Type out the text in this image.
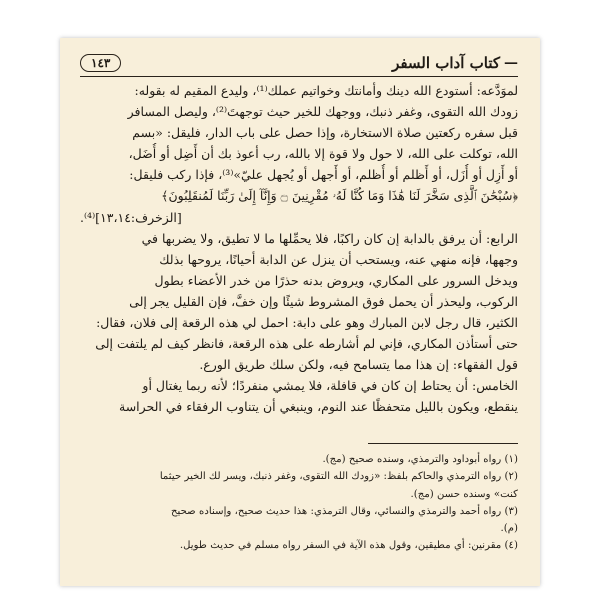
—
كتاب آداب السفر
١٤٣
لموَدَّعه: أستودع الله دينك وأمانتك وخواتيم عملك⁽¹⁾، وليدع المقيم له بقوله:
زودك الله التقوى، وغفر ذنبك، ووجهك للخير حيث توجهتَ⁽²⁾، وليصل المسافر
قبل سفره ركعتين صلاة الاستخارة، وإذا حصل على باب الدار، فليقل: «بسم
الله، توكلت على الله، لا حول ولا قوة إلا بالله، رب أعوذ بك أن أَضِل أو أُضَل،
أو أَزِل أو أُزَل، أو أَظلم أو أُظلم، أو أَجهل أو يُجهل عليّ»⁽³⁾، فإذا ركب فليقل:
﴿سُبْحَٰنَ ٱلَّذِى سَخَّرَ لَنَا هَٰذَا وَمَا كُنَّا لَهُۥ مُقْرِنِينَ ۝ وَإِنَّآ إِلَىٰ رَبِّنَا لَمُنقَلِبُونَ﴾
[الزخرف:١٣،١٤]⁽⁴⁾.
الرابع: أن يرفق بالدابة إن كان راكبًا، فلا يحمِّلها ما لا تطيق، ولا يضربها في
وجهها، فإنه منهي عنه، ويستحب أن ينزل عن الدابة أحيانًا، يروحها بذلك
ويدخل السرور على المكاري، ويروض بدنه حذرًا من خدر الأعضاء بطول
الركوب، وليحذر أن يحمل فوق المشروط شيئًا وإن خفَّ، فإن القليل يجر إلى
الكثير، قال رجل لابن المبارك وهو على دابة: احمل لي هذه الرقعة إلى فلان، فقال:
حتى أستأذن المكاري، فإني لم أشارطه على هذه الرقعة، فانظر كيف لم يلتفت إلى
قول الفقهاء: إن هذا مما يتسامح فيه، ولكن سلك طريق الورع.
الخامس: أن يحتاط إن كان في قافلة، فلا يمشي منفردًا؛ لأنه ربما يغتال أو
ينقطع، ويكون بالليل متحفظًا عند النوم، وينبغي أن يتناوب الرفقاء في الحراسة
(١) رواه أبوداود والترمذي، وسنده صحيح (مج).
(٢) رواه الترمذي والحاكم بلفظ: «زودك الله التقوى، وغفر ذنبك، ويسر لك الخير حيثما
كنت» وسنده حسن (مج).
(٣) رواه أحمد والترمذي والنسائي، وقال الترمذي: هذا حديث صحيح، وإسناده صحيح
(م).
(٤) مقرنين: أي مطيقين، وقول هذه الآية في السفر رواه مسلم في حديث طويل.
